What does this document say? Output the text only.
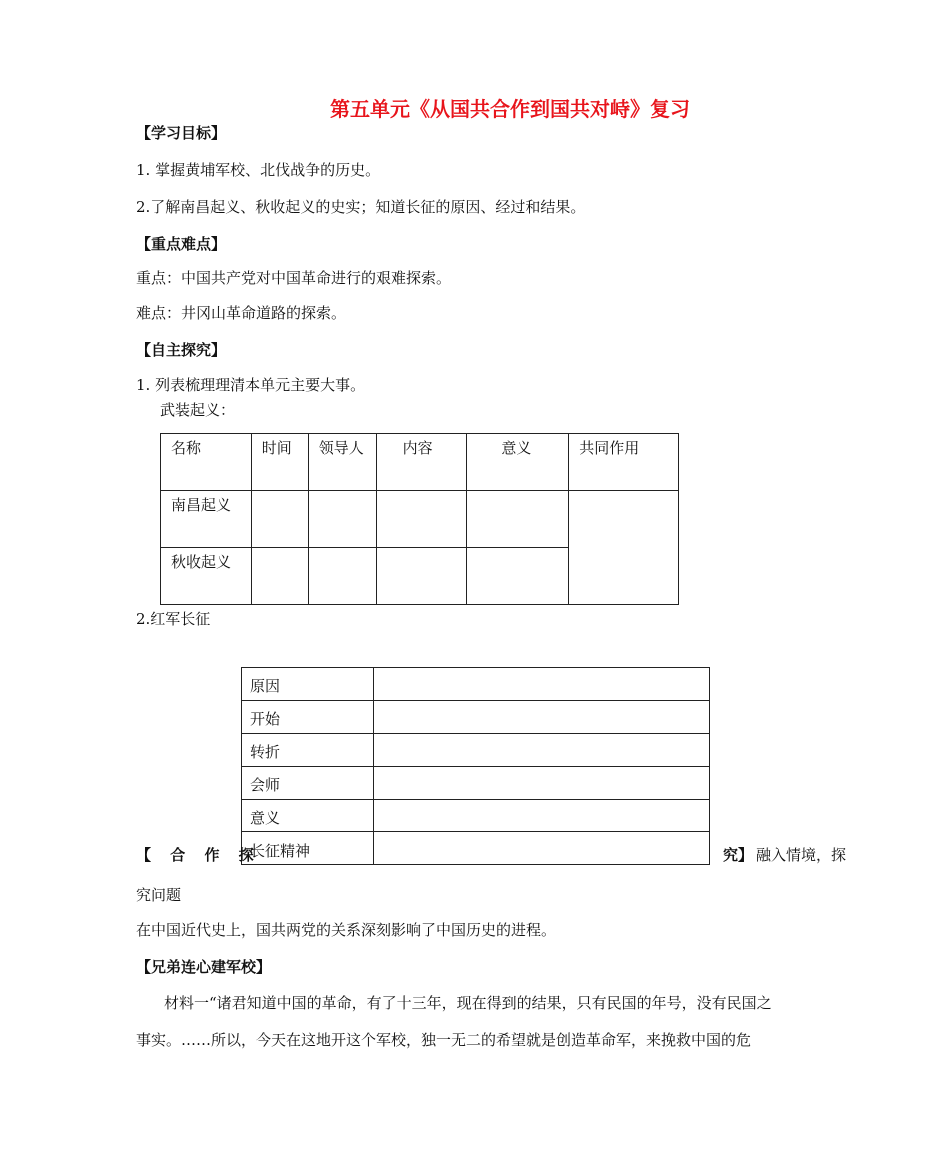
第五单元《从国共合作到国共对峙》复习
【学习目标】
1. 掌握黄埔军校、北伐战争的历史。
2.了解南昌起义、秋收起义的史实；知道长征的原因、经过和结果。
【重点难点】
重点：中国共产党对中国革命进行的艰难探索。
难点：井冈山革命道路的探索。
【自主探究】
1. 列表梳理理清本单元主要大事。
武装起义：
名称	时间	领导人	内容	意义	共同作用
南昌起义					
秋收起义					
2.红军长征
原因	
开始	
转折	
会师	
意义	
长征精神	
【 合 作 探	究】 融入情境，探
究问题
在中国近代史上，国共两党的关系深刻影响了中国历史的进程。
【兄弟连心建军校】
材料一“诸君知道中国的革命，有了十三年，现在得到的结果，只有民国的年号，没有民国之
事实。……所以，今天在这地开这个军校，独一无二的希望就是创造革命军，来挽救中国的危
